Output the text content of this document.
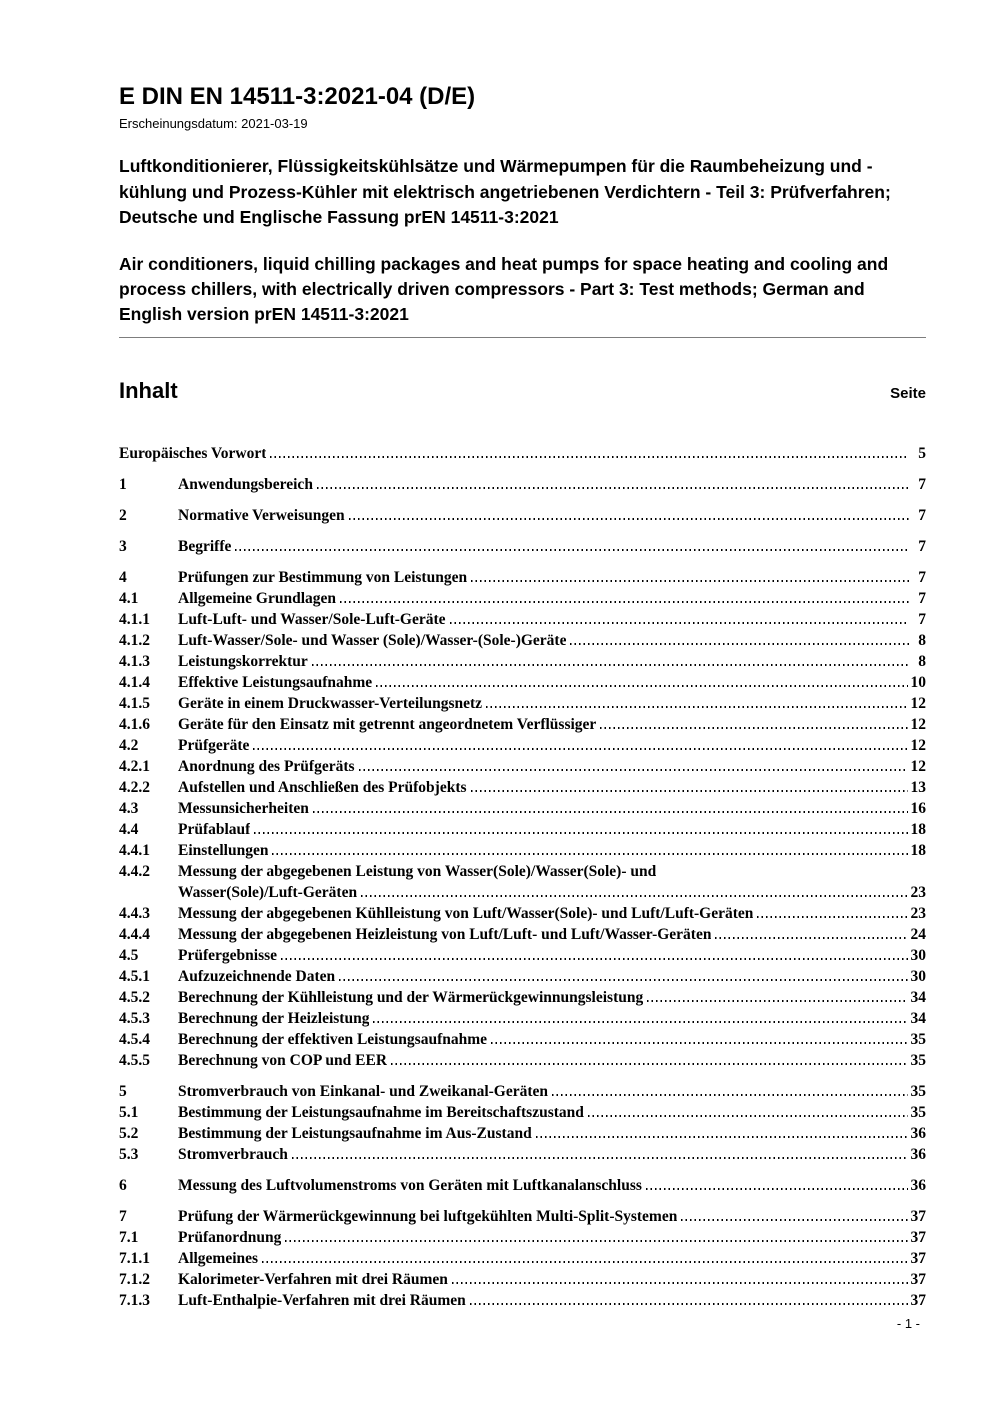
E DIN EN 14511-3:2021-04 (D/E)
Erscheinungsdatum: 2021-03-19

Luftkonditionierer, Flüssigkeitskühlsätze und Wärmepumpen für die Raumbeheizung und -kühlung und Prozess-Kühler mit elektrisch angetriebenen Verdichtern - Teil 3: Prüfverfahren; Deutsche und Englische Fassung prEN 14511-3:2021

Air conditioners, liquid chilling packages and heat pumps for space heating and cooling and process chillers, with electrically driven compressors - Part 3: Test methods; German and English version prEN 14511-3:2021

Inhalt	Seite
Europäisches Vorwort	5
1	Anwendungsbereich	7
2	Normative Verweisungen	7
3	Begriffe	7
4	Prüfungen zur Bestimmung von Leistungen	7
4.1	Allgemeine Grundlagen	7
4.1.1	Luft-Luft- und Wasser/Sole-Luft-Geräte	7
4.1.2	Luft-Wasser/Sole- und Wasser (Sole)/Wasser-(Sole-)Geräte	8
4.1.3	Leistungskorrektur	8
4.1.4	Effektive Leistungsaufnahme	10
4.1.5	Geräte in einem Druckwasser-Verteilungsnetz	12
4.1.6	Geräte für den Einsatz mit getrennt angeordnetem Verflüssiger	12
4.2	Prüfgeräte	12
4.2.1	Anordnung des Prüfgeräts	12
4.2.2	Aufstellen und Anschließen des Prüfobjekts	13
4.3	Messunsicherheiten	16
4.4	Prüfablauf	18
4.4.1	Einstellungen	18
4.4.2	Messung der abgegebenen Leistung von Wasser(Sole)/Wasser(Sole)- und
Wasser(Sole)/Luft-Geräten	23
4.4.3	Messung der abgegebenen Kühlleistung von Luft/Wasser(Sole)- und Luft/Luft-Geräten	23
4.4.4	Messung der abgegebenen Heizleistung von Luft/Luft- und Luft/Wasser-Geräten	24
4.5	Prüfergebnisse	30
4.5.1	Aufzuzeichnende Daten	30
4.5.2	Berechnung der Kühlleistung und der Wärmerückgewinnungsleistung	34
4.5.3	Berechnung der Heizleistung	34
4.5.4	Berechnung der effektiven Leistungsaufnahme	35
4.5.5	Berechnung von COP und EER	35
5	Stromverbrauch von Einkanal- und Zweikanal-Geräten	35
5.1	Bestimmung der Leistungsaufnahme im Bereitschaftszustand	35
5.2	Bestimmung der Leistungsaufnahme im Aus-Zustand	36
5.3	Stromverbrauch	36
6	Messung des Luftvolumenstroms von Geräten mit Luftkanalanschluss	36
7	Prüfung der Wärmerückgewinnung bei luftgekühlten Multi-Split-Systemen	37
7.1	Prüfanordnung	37
7.1.1	Allgemeines	37
7.1.2	Kalorimeter-Verfahren mit drei Räumen	37
7.1.3	Luft-Enthalpie-Verfahren mit drei Räumen	37
- 1 -
